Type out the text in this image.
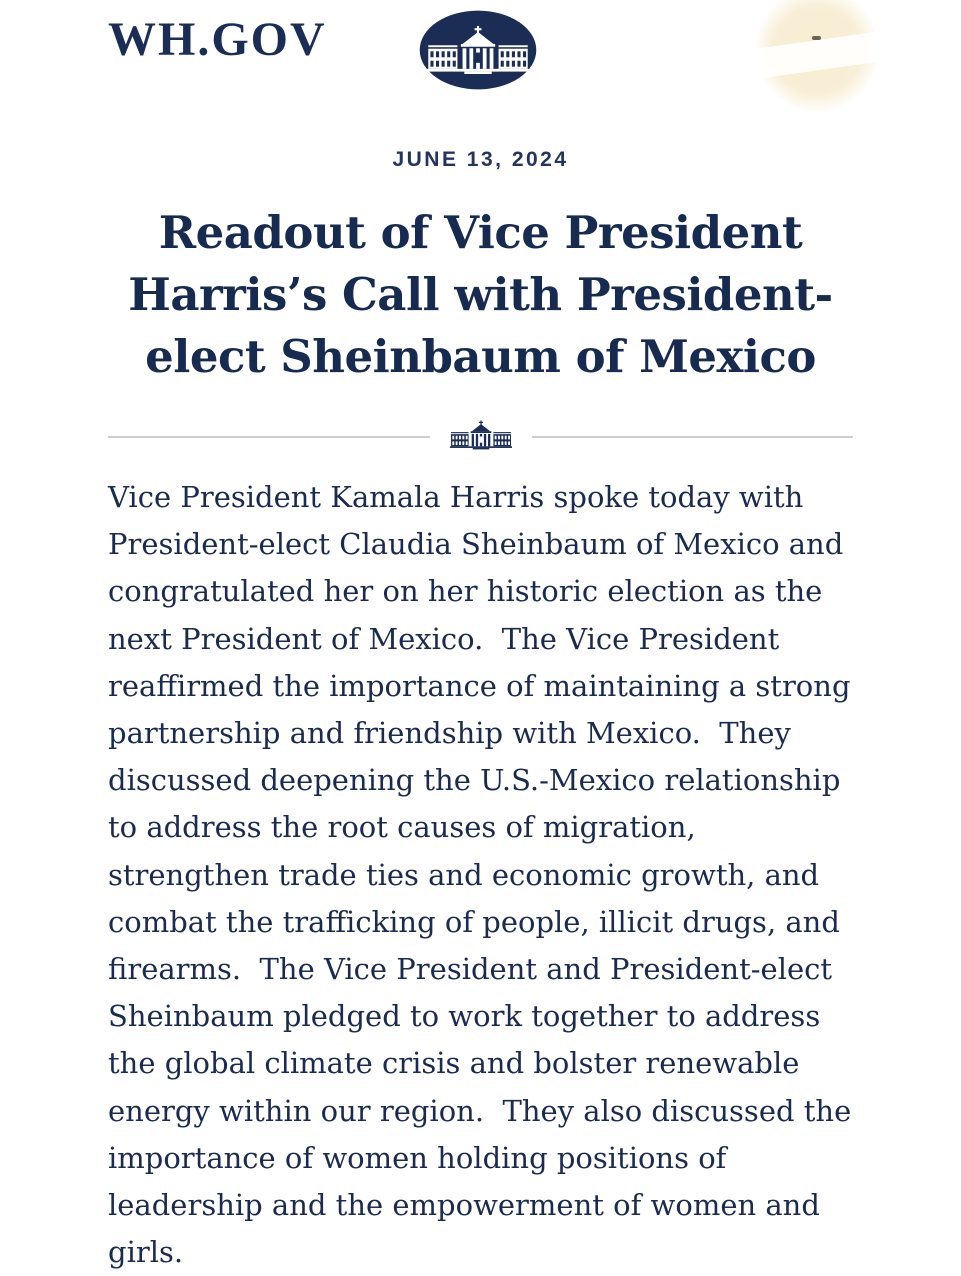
WH.GOV
JUNE 13, 2024
Readout of Vice President Harris’s Call with President-elect Sheinbaum of Mexico

Vice President Kamala Harris spoke today with President-elect Claudia Sheinbaum of Mexico and congratulated her on her historic election as the next President of Mexico.  The Vice President reaffirmed the importance of maintaining a strong partnership and friendship with Mexico.  They discussed deepening the U.S.-Mexico relationship to address the root causes of migration, strengthen trade ties and economic growth, and combat the trafficking of people, illicit drugs, and firearms.  The Vice President and President-elect Sheinbaum pledged to work together to address the global climate crisis and bolster renewable energy within our region.  They also discussed the importance of women holding positions of leadership and the empowerment of women and girls.
